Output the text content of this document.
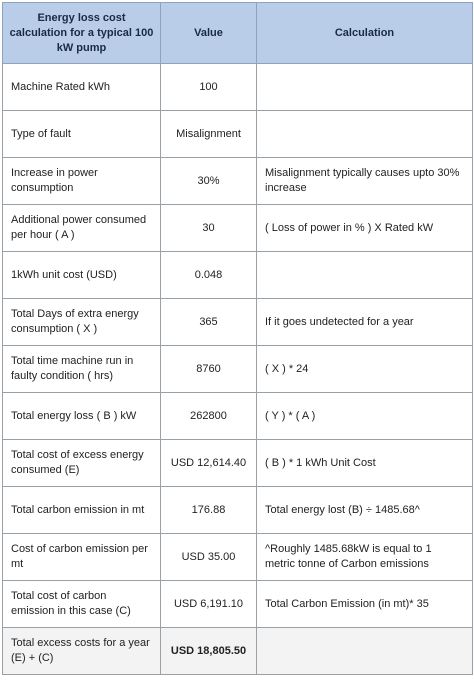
Energy loss cost calculation for a typical 100 kW pump	Value	Calculation
Machine Rated kWh	100	
Type of fault	Misalignment	
Increase in power consumption	30%	Misalignment typically causes upto 30% increase
Additional power consumed per hour ( A )	30	( Loss of power in % ) X Rated kW
1kWh unit cost (USD)	0.048	
Total Days of extra energy consumption ( X )	365	If it goes undetected for a year
Total time machine run in faulty condition ( hrs)	8760	( X ) * 24
Total energy loss ( B ) kW	262800	( Y ) * ( A )
Total cost of excess energy consumed (E)	USD 12,614.40	( B ) * 1 kWh Unit Cost
Total carbon emission in mt	176.88	Total energy lost (B) ÷ 1485.68^
Cost of carbon emission per mt	USD 35.00	^Roughly 1485.68kW is equal to 1 metric tonne of Carbon emissions
Total cost of carbon emission in this case (C)	USD 6,191.10	Total Carbon Emission (in mt)* 35
Total excess costs for a year (E) + (C)	USD 18,805.50	
